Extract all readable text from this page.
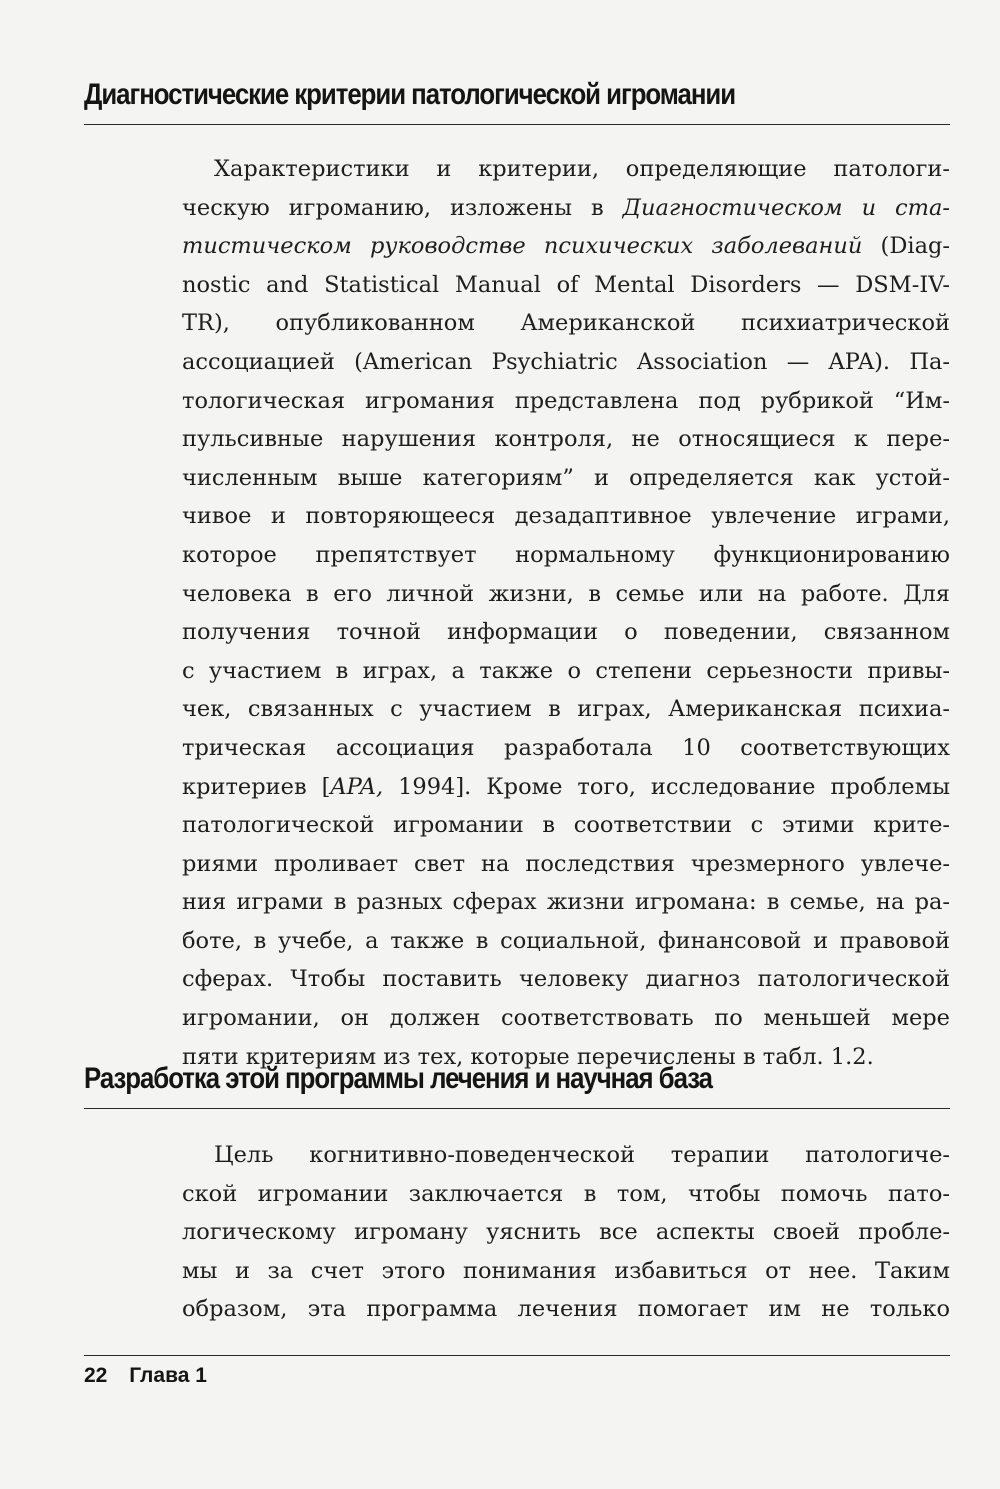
Диагностические критерии патологической игромании
Характеристики и критерии, определяющие патологи-
ческую игроманию, изложены в Диагностическом и ста-
тистическом руководстве психических заболеваний (Diag-
nostic and Statistical Manual of Mental Disorders — DSM-IV-
TR), опубликованном Американской психиатрической
ассоциацией (American Psychiatric Association — APA). Па-
тологическая игромания представлена под рубрикой “Им-
пульсивные нарушения контроля, не относящиеся к пере-
численным выше категориям” и определяется как устой-
чивое и повторяющееся дезадаптивное увлечение играми,
которое препятствует нормальному функционированию
человека в его личной жизни, в семье или на работе. Для
получения точной информации о поведении, связанном
с участием в играх, а также о степени серьезности привы-
чек, связанных с участием в играх, Американская психиа-
трическая ассоциация разработала 10 соответствующих
критериев [APA, 1994]. Кроме того, исследование проблемы
патологической игромании в соответствии с этими крите-
риями проливает свет на последствия чрезмерного увлече-
ния играми в разных сферах жизни игромана: в семье, на ра-
боте, в учебе, а также в социальной, финансовой и правовой
сферах. Чтобы поставить человеку диагноз патологической
игромании, он должен соответствовать по меньшей мере
пяти критериям из тех, которые перечислены в табл. 1.2.
Разработка этой программы лечения и научная база
Цель когнитивно-поведенческой терапии патологиче-
ской игромании заключается в том, чтобы помочь пато-
логическому игроману уяснить все аспекты своей пробле-
мы и за счет этого понимания избавиться от нее. Таким
образом, эта программа лечения помогает им не только
22 Глава 1
